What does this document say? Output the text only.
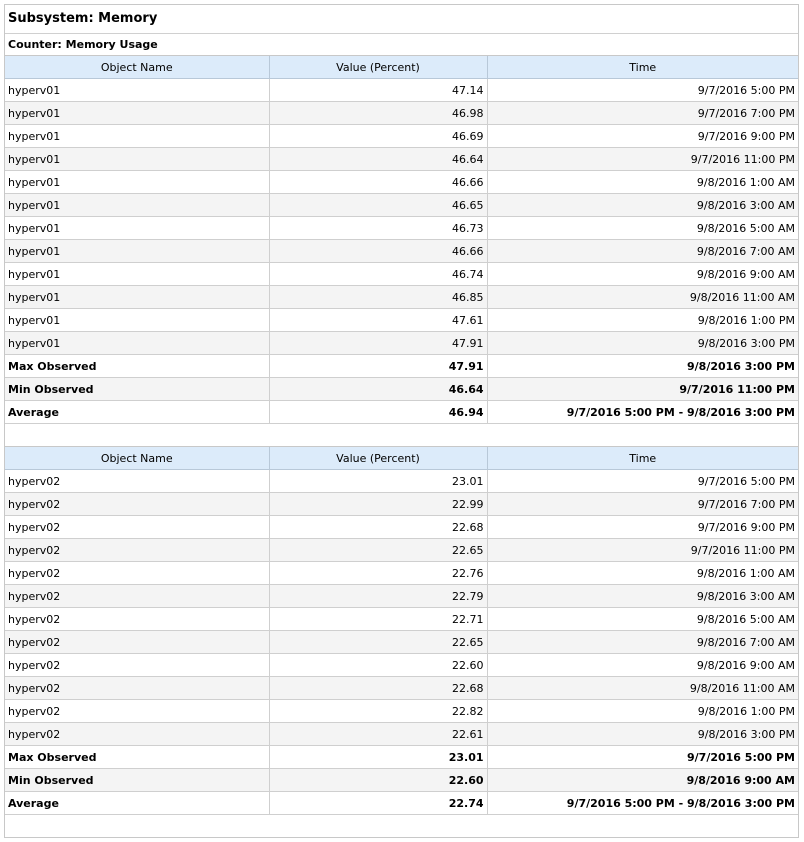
Subsystem: Memory
Counter: Memory Usage
Object Name	Value (Percent)	Time
hyperv01	47.14	9/7/2016 5:00 PM
hyperv01	46.98	9/7/2016 7:00 PM
hyperv01	46.69	9/7/2016 9:00 PM
hyperv01	46.64	9/7/2016 11:00 PM
hyperv01	46.66	9/8/2016 1:00 AM
hyperv01	46.65	9/8/2016 3:00 AM
hyperv01	46.73	9/8/2016 5:00 AM
hyperv01	46.66	9/8/2016 7:00 AM
hyperv01	46.74	9/8/2016 9:00 AM
hyperv01	46.85	9/8/2016 11:00 AM
hyperv01	47.61	9/8/2016 1:00 PM
hyperv01	47.91	9/8/2016 3:00 PM
Max Observed	47.91	9/8/2016 3:00 PM
Min Observed	46.64	9/7/2016 11:00 PM
Average	46.94	9/7/2016 5:00 PM - 9/8/2016 3:00 PM
Object Name	Value (Percent)	Time
hyperv02	23.01	9/7/2016 5:00 PM
hyperv02	22.99	9/7/2016 7:00 PM
hyperv02	22.68	9/7/2016 9:00 PM
hyperv02	22.65	9/7/2016 11:00 PM
hyperv02	22.76	9/8/2016 1:00 AM
hyperv02	22.79	9/8/2016 3:00 AM
hyperv02	22.71	9/8/2016 5:00 AM
hyperv02	22.65	9/8/2016 7:00 AM
hyperv02	22.60	9/8/2016 9:00 AM
hyperv02	22.68	9/8/2016 11:00 AM
hyperv02	22.82	9/8/2016 1:00 PM
hyperv02	22.61	9/8/2016 3:00 PM
Max Observed	23.01	9/7/2016 5:00 PM
Min Observed	22.60	9/8/2016 9:00 AM
Average	22.74	9/7/2016 5:00 PM - 9/8/2016 3:00 PM
